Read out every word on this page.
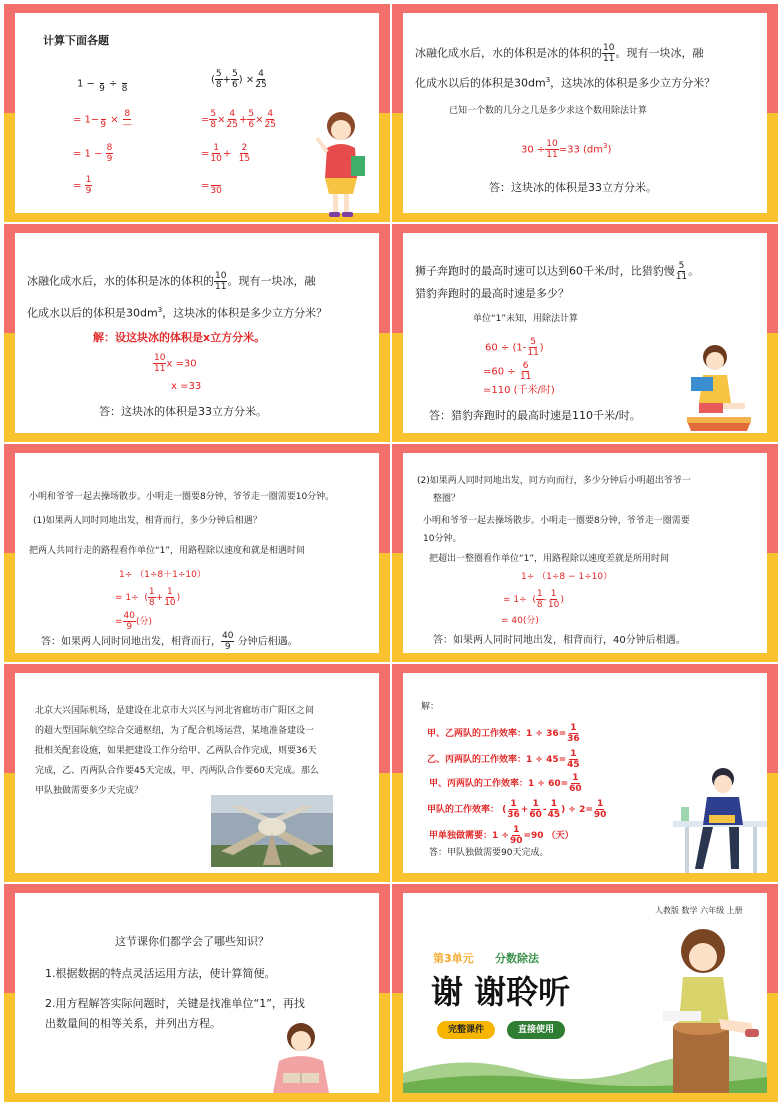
计算下面各题
1 −
9 ÷
8
= 1−
9 ×
8
—
= $1 - \frac{8}{9}$
= $\frac{1}{9}$
( $\frac{5}{8} + \frac{5}{6}$ ) × $\frac{4}{25}$
= $\frac{5}{8} \times \frac{4}{25} + \frac{5}{6} \times \frac{4}{25}$
= $\frac{1}{10} + \frac{2}{15}$
=
30
冰融化成水后，水的体积是冰的体积的 $\frac{10}{11}$ 。现有一块冰，融
化成水以后的体积是$30dm^3$，这块冰的体积是多少立方分米？
已知一个数的几分之几是多少求这个数用除法计算
$30 \div \frac{10}{11} =33$ $(dm^3)$
答：这块冰的体积是33立方分米。
冰融化成水后，水的体积是冰的体积的 $\frac{10}{11}$ 。现有一块冰，融
化成水以后的体积是$30dm^3$，这块冰的体积是多少立方分米？
解：设这块冰的体积是x立方分米。
$\frac{10}{11}$ x =30
x =33
答：这块冰的体积是33立方分米。
狮子奔跑时的最高时速可以达到60千米/时，比猎豹慢 $\frac{5}{11}$ 。
猎豹奔跑时的最高时速是多少？
单位“1”未知，用除法计算
$60 \div (1- \frac{5}{11}$ )
$=60 \div \frac{6}{11}$
=110 (千米/时)
答：猎豹奔跑时的最高时速是110千米/时。
小明和爷爷一起去操场散步。小明走一圈要8分钟，爷爷走一圈需要10分钟。
(1)如果两人同时同地出发，相背而行，多少分钟后相遇？
把两人共同行走的路程看作单位“1”，用路程除以速度和就是相遇时间
1÷ （1÷8＋1÷10）
= 1÷  ( $\frac{1}{8} + \frac{1}{10}$ )
= $\frac{40}{9}$ (分)
答：如果两人同时同地出发，相背而行， $\frac{40}{9}$ 分钟后相遇。
(2)如果两人同时同地出发，同方向而行，多少分钟后小明超出爷爷一
整圈？
小明和爷爷一起去操场散步。小明走一圈要8分钟，爷爷走一圈需要
10分钟。
把超出一整圈看作单位“1”，用路程除以速度差就是所用时间
1÷ （1÷8 − 1÷10）
= 1÷  ( $\frac{1}{8} - \frac{1}{10}$ )
= 40(分)
答：如果两人同时同地出发，相背而行，40分钟后相遇。
北京大兴国际机场，是建设在北京市大兴区与河北省廊坊市广阳区之间
的超大型国际航空综合交通枢纽，为了配合机场运营，某地准备建设一
批相关配套设施，如果把建设工作分给甲、乙两队合作完成，则要36天
完成，乙、丙两队合作要45天完成，甲、丙两队合作要60天完成。那么
甲队独做需要多少天完成？
解：
甲、乙两队的工作效率：$1 \div 36= \frac{1}{36}$
乙、丙两队的工作效率：$1 \div 45= \frac{1}{45}$
甲、丙两队的工作效率：$1 \div 60= \frac{1}{60}$
甲队的工作效率： ( $\frac{1}{36} + \frac{1}{60} - \frac{1}{45}$ ) ÷ $2= \frac{1}{90}$
甲单独做需要：$1 \div \frac{1}{90} =90$ （天）
答：甲队独做需要90天完成。
这节课你们都学会了哪些知识？
1.根据数据的特点灵活运用方法，使计算简便。
2.用方程解答实际问题时，关键是找准单位“1”，再找
出数量间的相等关系，并列出方程。
人教版 数学 六年级 上册
第3单元 分数除法
谢 谢聆听
完整课件	直接使用
